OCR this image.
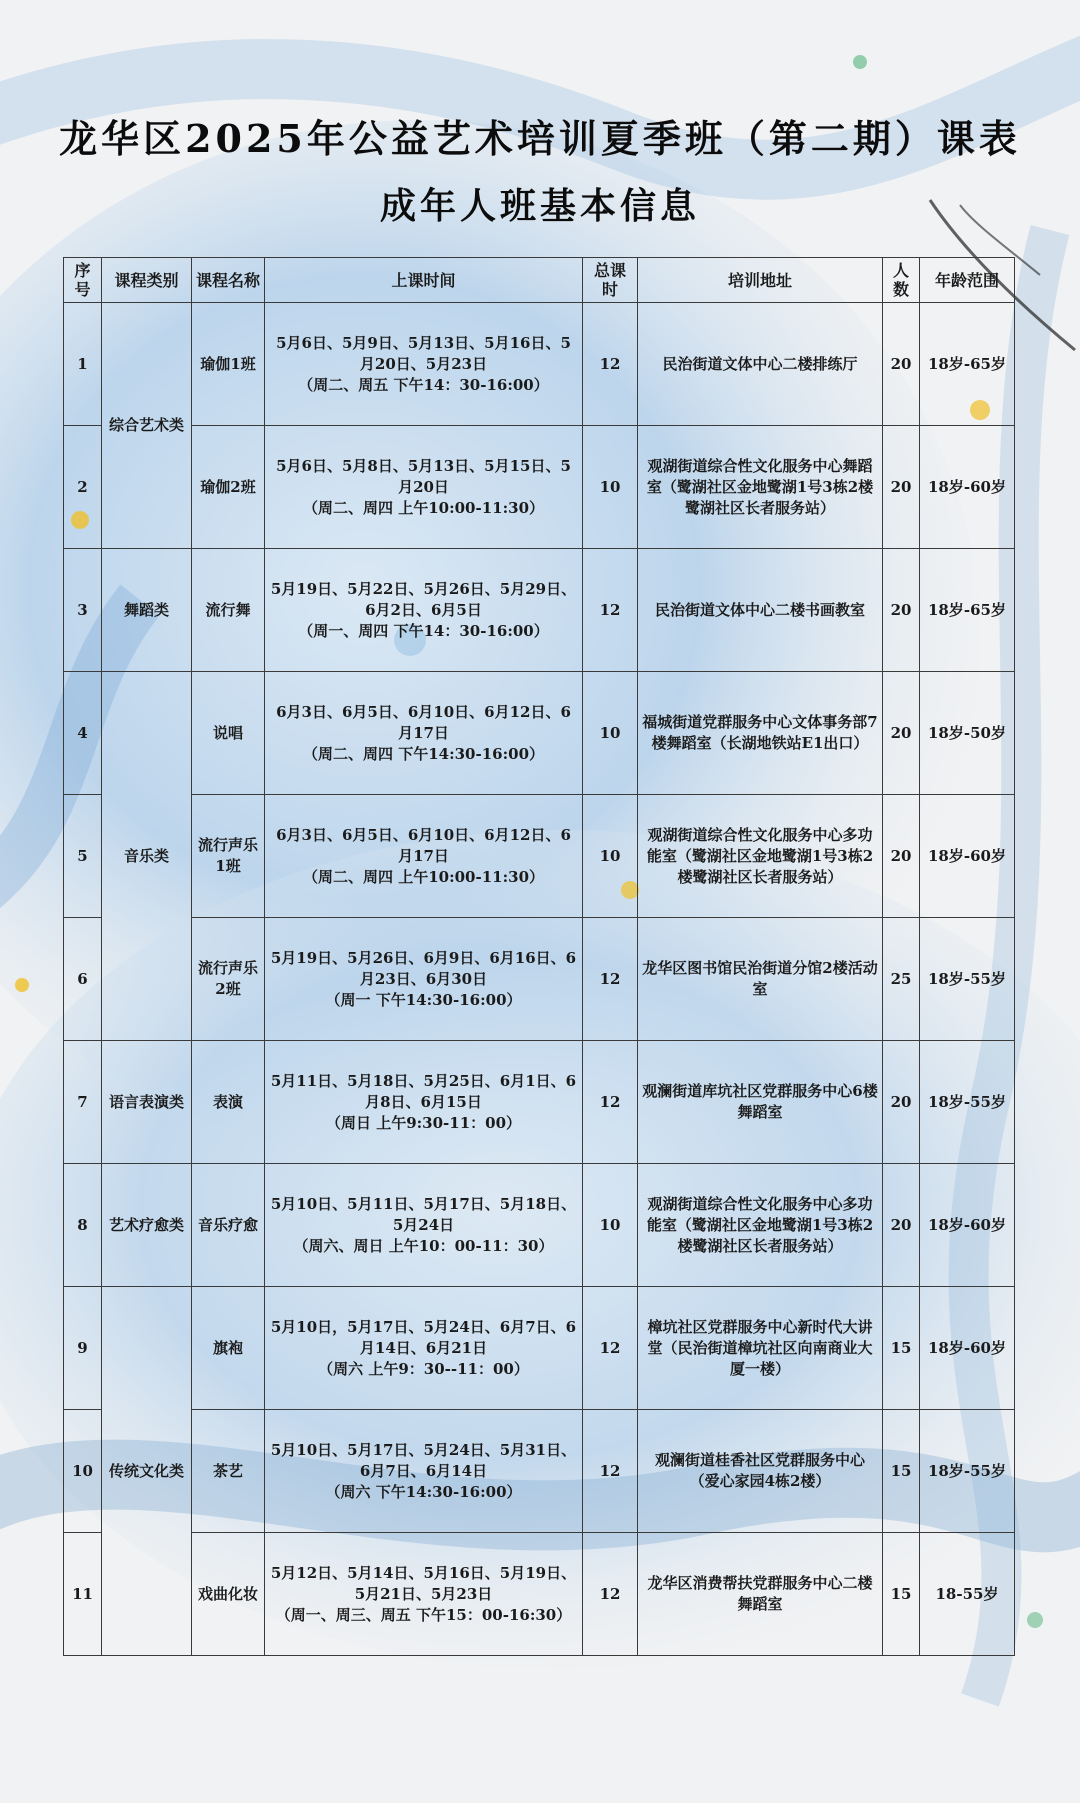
龙华区2025年公益艺术培训夏季班（第二期）课表
成年人班基本信息
序号	课程类别	课程名称	上课时间	总课时	培训地址	人数	年龄范围
1	综合艺术类	瑜伽1班	5月6日、5月9日、5月13日、5月16日、5月20日、5月23日
（周二、周五 下午14：30-16:00）	12	民治街道文体中心二楼排练厅	20	18岁-65岁
2		瑜伽2班	5月6日、5月8日、5月13日、5月15日、5月20日
（周二、周四 上午10:00-11:30）	10	观湖街道综合性文化服务中心舞蹈室（鹭湖社区金地鹭湖1号3栋2楼鹭湖社区长者服务站）	20	18岁-60岁
3	舞蹈类	流行舞	5月19日、5月22日、5月26日、5月29日、6月2日、6月5日
（周一、周四 下午14：30-16:00）	12	民治街道文体中心二楼书画教室	20	18岁-65岁
4	音乐类	说唱	6月3日、6月5日、6月10日、6月12日、6月17日
（周二、周四 下午14:30-16:00）	10	福城街道党群服务中心文体事务部7楼舞蹈室（长湖地铁站E1出口）	20	18岁-50岁
5		流行声乐1班	6月3日、6月5日、6月10日、6月12日、6月17日
（周二、周四 上午10:00-11:30）	10	观湖街道综合性文化服务中心多功能室（鹭湖社区金地鹭湖1号3栋2楼鹭湖社区长者服务站）	20	18岁-60岁
6		流行声乐2班	5月19日、5月26日、6月9日、6月16日、6月23日、6月30日
（周一 下午14:30-16:00）	12	龙华区图书馆民治街道分馆2楼活动室	25	18岁-55岁
7	语言表演类	表演	5月11日、5月18日、5月25日、6月1日、6月8日、6月15日
（周日 上午9:30-11：00）	12	观澜街道库坑社区党群服务中心6楼舞蹈室	20	18岁-55岁
8	艺术疗愈类	音乐疗愈	5月10日、5月11日、5月17日、5月18日、5月24日
（周六、周日 上午10：00-11：30）	10	观湖街道综合性文化服务中心多功能室（鹭湖社区金地鹭湖1号3栋2楼鹭湖社区长者服务站）	20	18岁-60岁
9	传统文化类	旗袍	5月10日，5月17日、5月24日、6月7日、6月14日、6月21日
（周六 上午9：30--11：00）	12	樟坑社区党群服务中心新时代大讲堂（民治街道樟坑社区向南商业大厦一楼）	15	18岁-60岁
10		茶艺	5月10日、5月17日、5月24日、5月31日、6月7日、6月14日
（周六 下午14:30-16:00）	12	观澜街道桂香社区党群服务中心（爱心家园4栋2楼）	15	18岁-55岁
11		戏曲化妆	5月12日、5月14日、5月16日、5月19日、5月21日、5月23日
（周一、周三、周五 下午15：00-16:30）	12	龙华区消费帮扶党群服务中心二楼舞蹈室	15	18-55岁
